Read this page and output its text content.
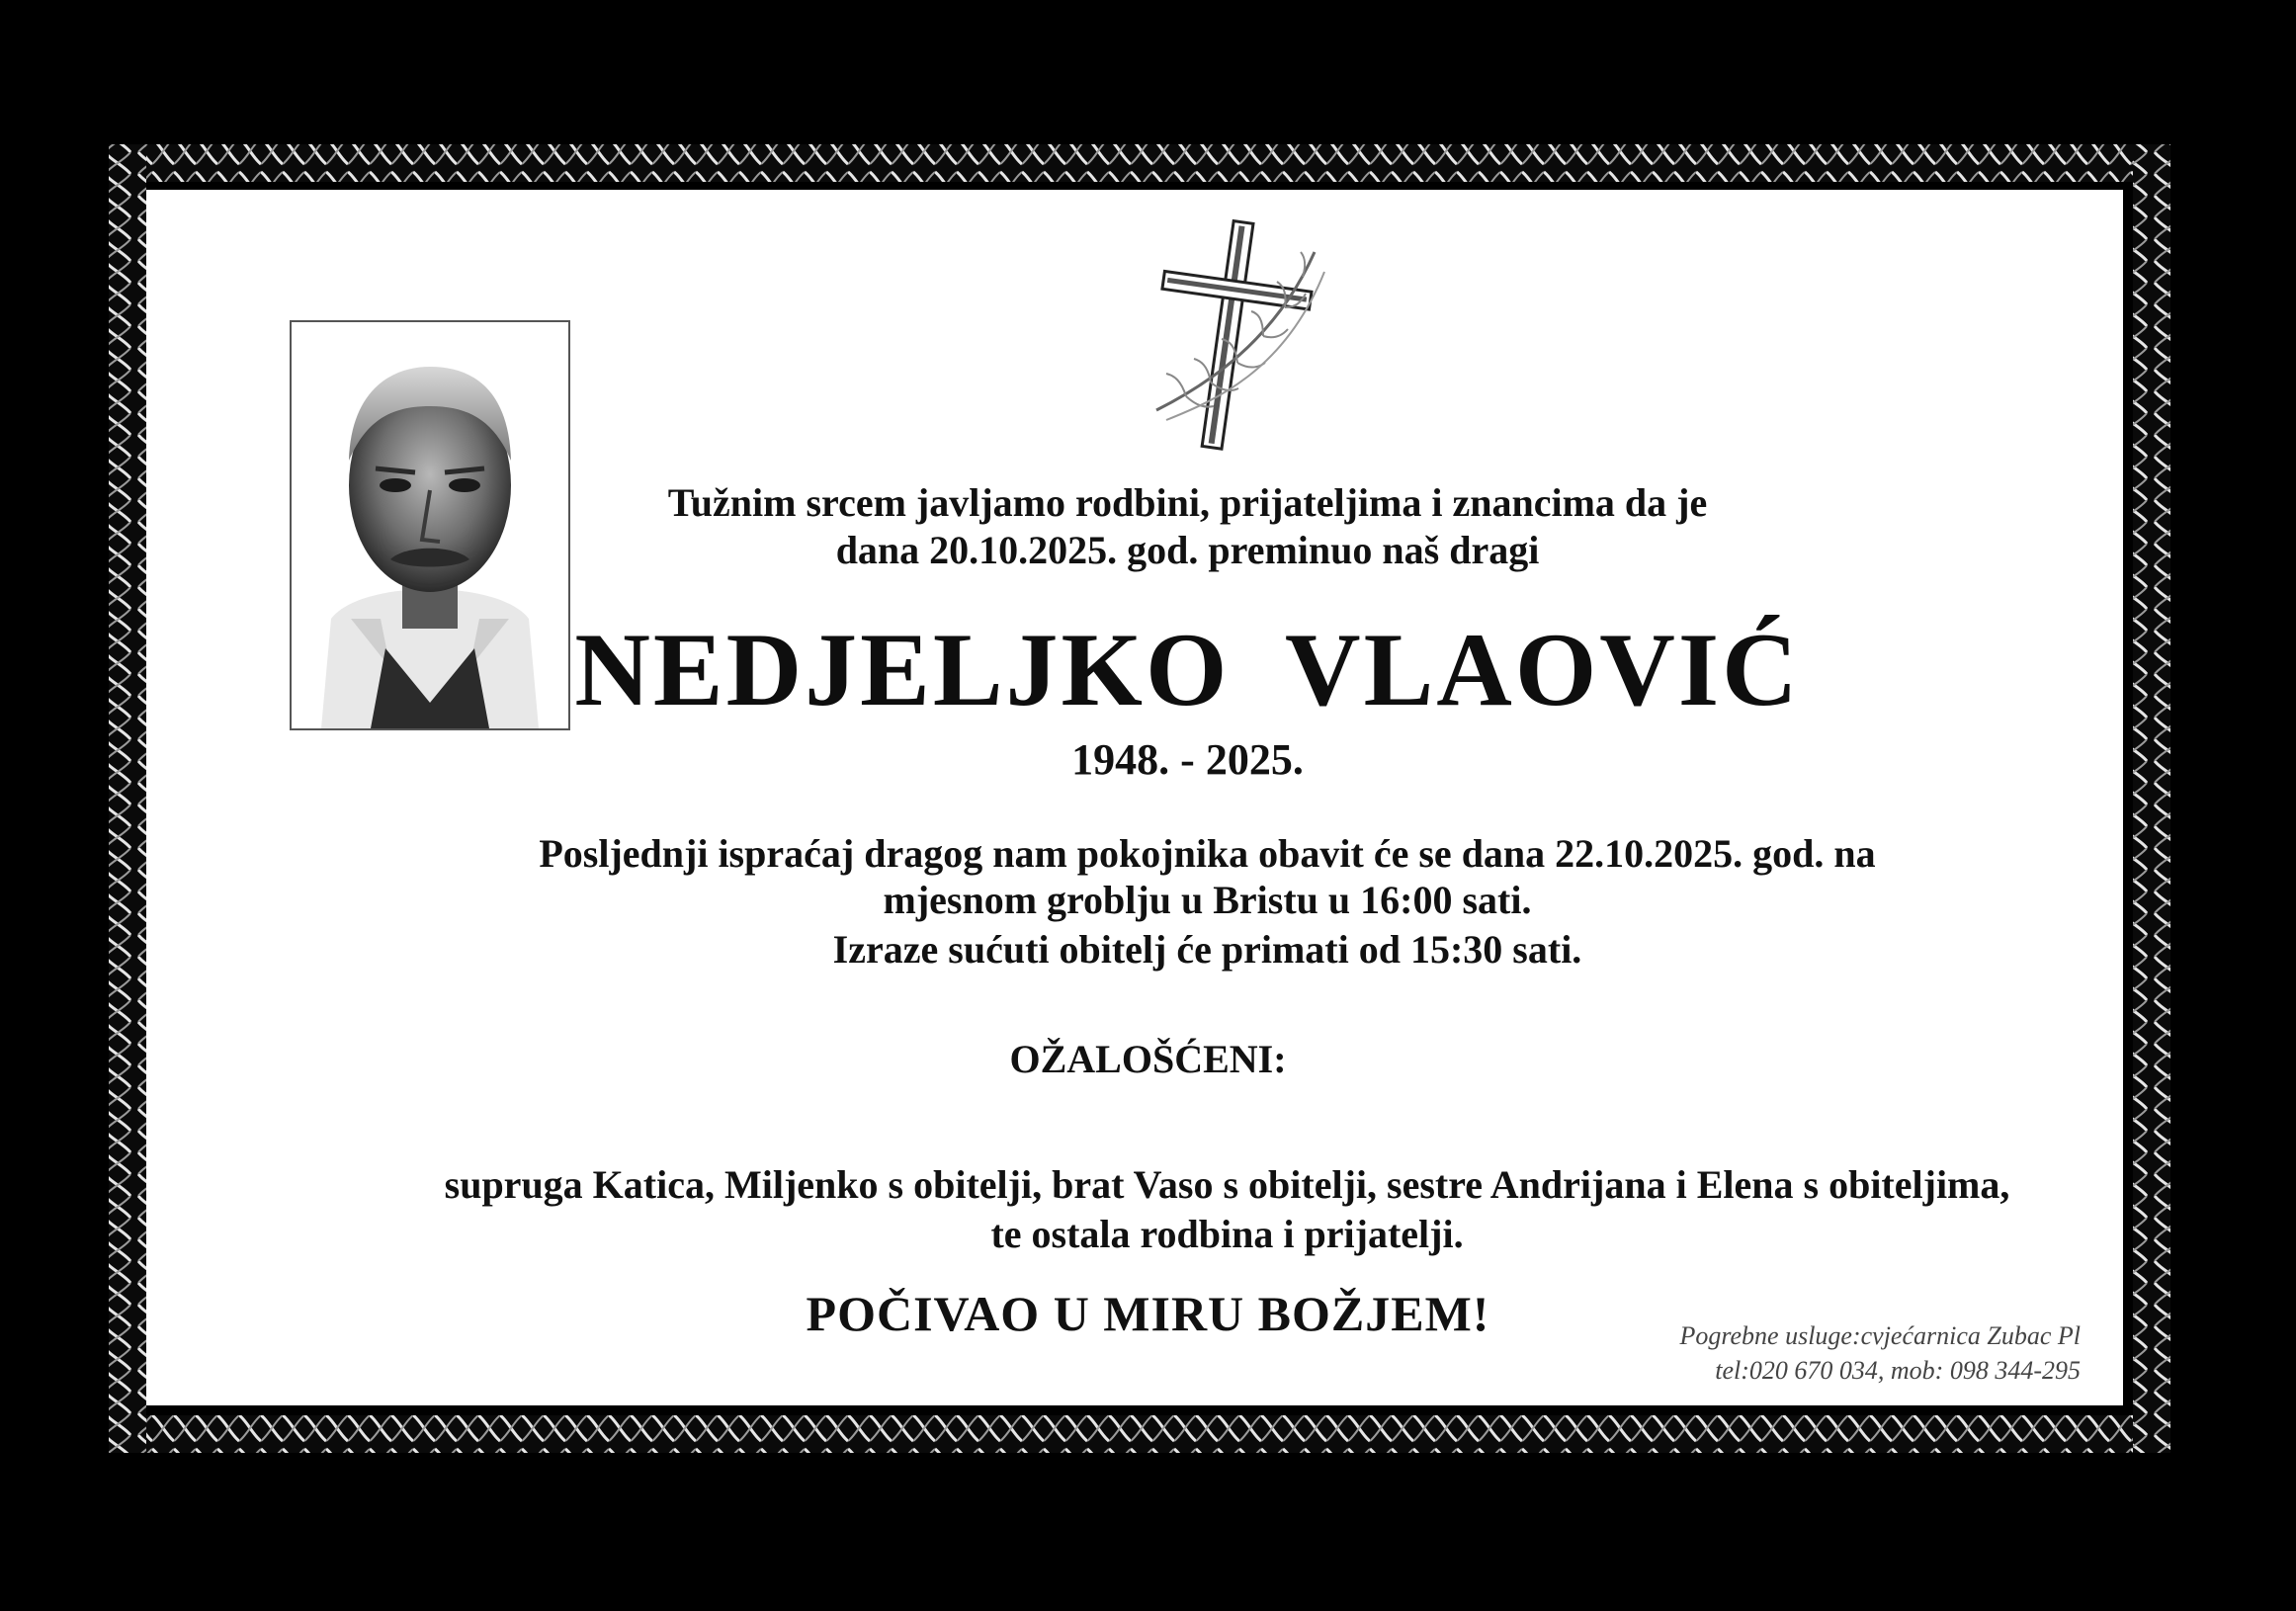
Tužnim srcem javljamo rodbini, prijateljima i znancima da je
dana 20.10.2025. god. preminuo naš dragi
NEDJELJKO VLAOVIĆ
1948. - 2025.
Posljednji ispraćaj dragog nam pokojnika obavit će se dana 22.10.2025. god. na
mjesnom groblju u Bristu u 16:00 sati.
Izraze sućuti obitelj će primati od 15:30 sati.
OŽALOŠĆENI:
supruga Katica, Miljenko s obitelji, brat Vaso s obitelji, sestre Andrijana i Elena s obiteljima,
te ostala rodbina i prijatelji.
POČIVAO U MIRU BOŽJEM!	Pogrebne usluge:cvjećarnica Zubac Pl
tel:020 670 034, mob: 098 344-295
